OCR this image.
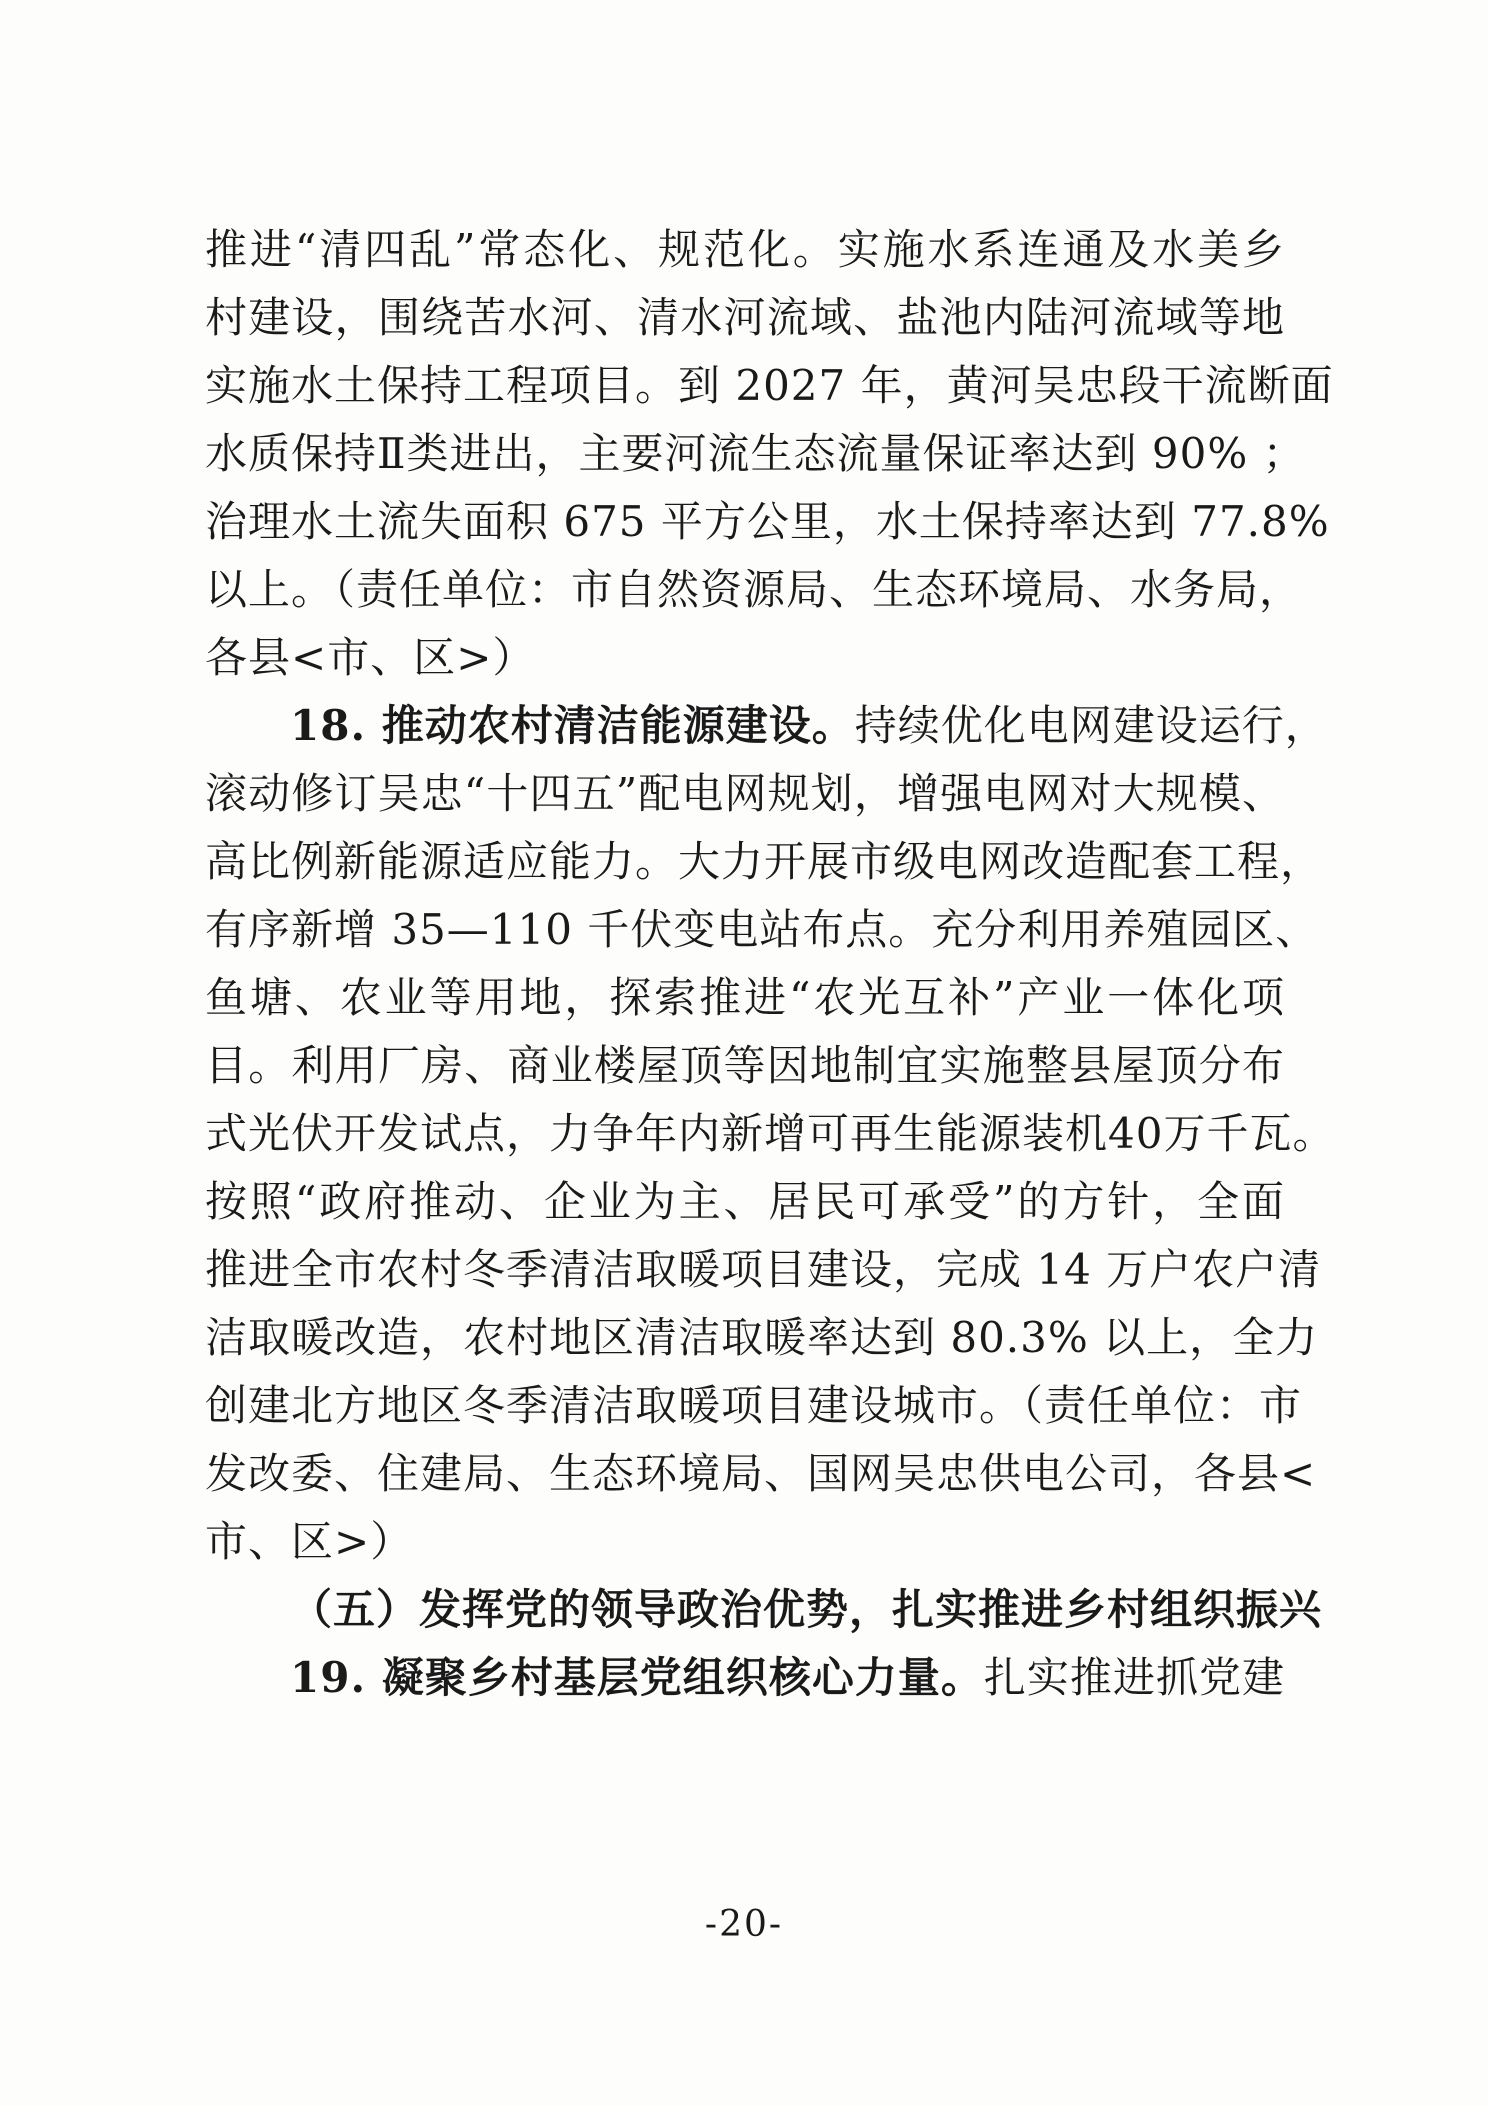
推进“清四乱”常态化、规范化。实施水系连通及水美乡
村建设，围绕苦水河、清水河流域、盐池内陆河流域等地
实施水土保持工程项目。到 2027 年，黄河吴忠段干流断面
水质保持Ⅱ类进出，主要河流生态流量保证率达到 90% ；
治理水土流失面积 675 平方公里，水土保持率达到 77.8%
以上。（责任单位：市自然资源局、生态环境局、水务局，
各县<市、区>）
18. 推动农村清洁能源建设。持续优化电网建设运行，
滚动修订吴忠“十四五”配电网规划，增强电网对大规模、
高比例新能源适应能力。大力开展市级电网改造配套工程，
有序新增 35—110 千伏变电站布点。充分利用养殖园区、
鱼塘、农业等用地，探索推进“农光互补”产业一体化项
目。利用厂房、商业楼屋顶等因地制宜实施整县屋顶分布
式光伏开发试点，力争年内新增可再生能源装机40万千瓦。
按照“政府推动、企业为主、居民可承受”的方针，全面
推进全市农村冬季清洁取暖项目建设，完成 14 万户农户清
洁取暖改造，农村地区清洁取暖率达到 80.3% 以上，全力
创建北方地区冬季清洁取暖项目建设城市。（责任单位：市
发改委、住建局、生态环境局、国网吴忠供电公司，各县<
市、区>）
（五）发挥党的领导政治优势，扎实推进乡村组织振兴
19. 凝聚乡村基层党组织核心力量。扎实推进抓党建
-20-
